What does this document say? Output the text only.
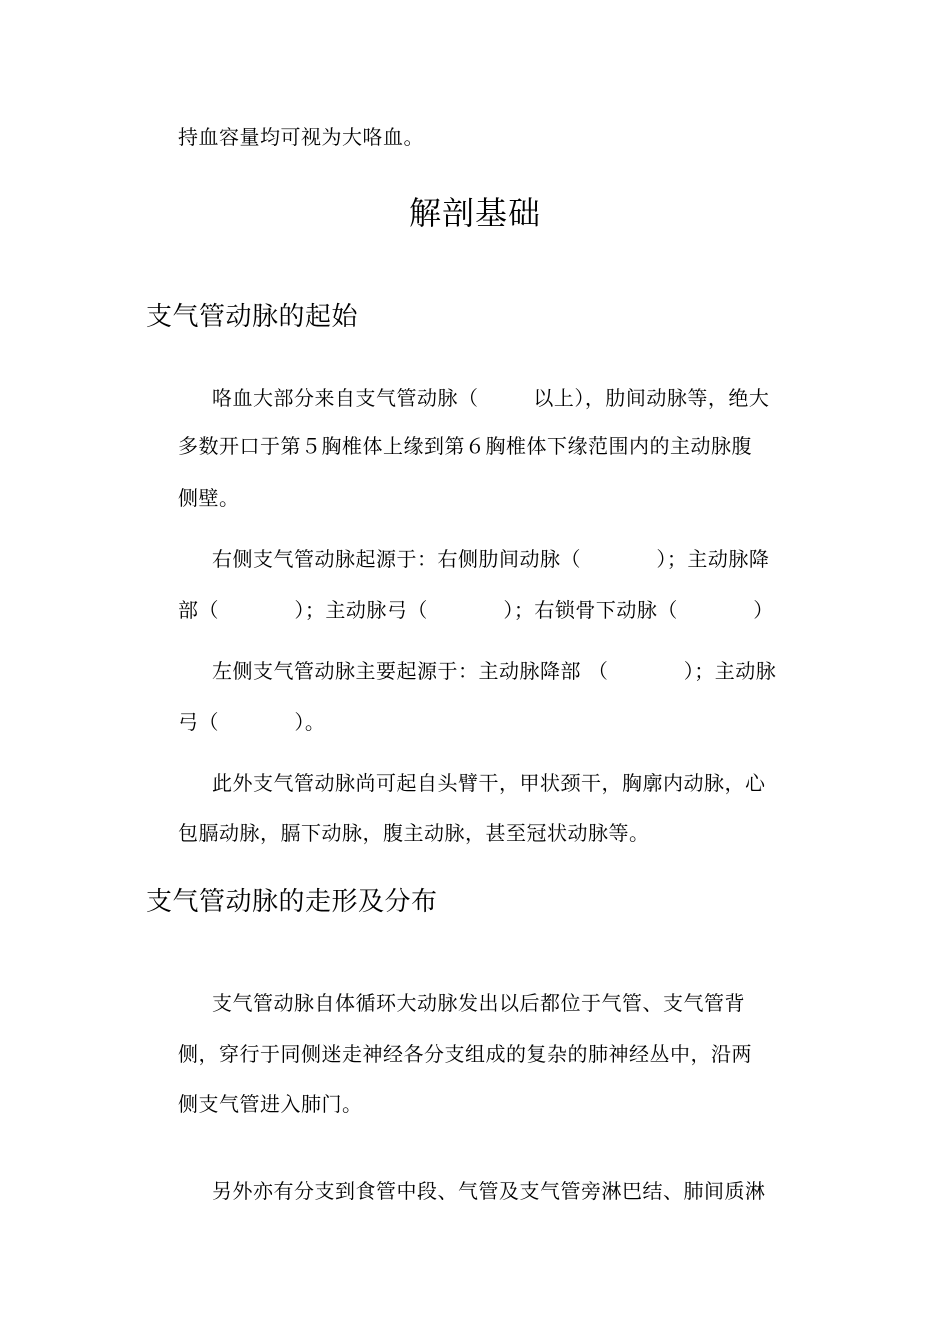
持血容量均可视为大咯血。
解剖基础
支气管动脉的起始
咯血大部分来自支气管动脉（        以上），肋间动脉等，绝大
多数开口于第５胸椎体上缘到第６胸椎体下缘范围内的主动脉腹
侧壁。
右侧支气管动脉起源于：右侧肋间动脉（           ）；主动脉降
部（           ）；主动脉弓（           ）；右锁骨下动脉（           ）
左侧支气管动脉主要起源于：主动脉降部 （           ）；主动脉
弓（           ）。
此外支气管动脉尚可起自头臂干，甲状颈干，胸廓内动脉，心
包膈动脉，膈下动脉，腹主动脉，甚至冠状动脉等。
支气管动脉的走形及分布
支气管动脉自体循环大动脉发出以后都位于气管、支气管背
侧，穿行于同侧迷走神经各分支组成的复杂的肺神经丛中，沿两
侧支气管进入肺门。
另外亦有分支到食管中段、气管及支气管旁淋巴结、肺间质淋
